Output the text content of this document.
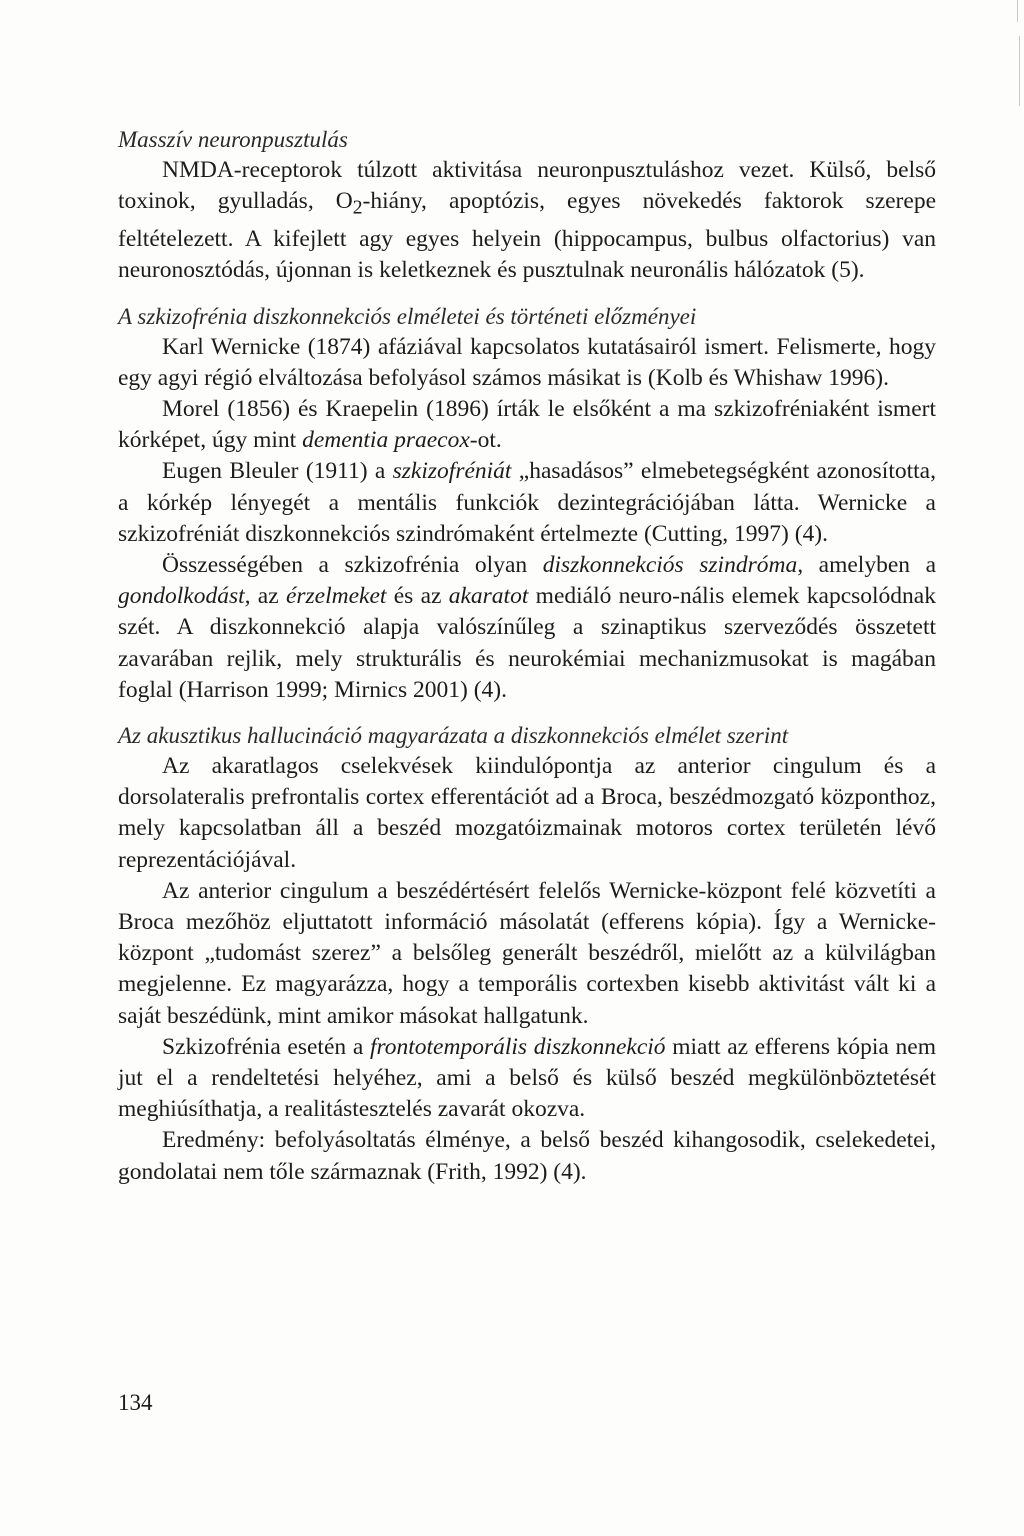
Masszív neuronpusztulás

NMDA-receptorok túlzott aktivitása neuronpusztuláshoz vezet. Külső, belső toxinok, gyulladás, $O_2$-hiány, apoptózis, egyes növekedés faktorok szerepe feltételezett. A kifejlett agy egyes helyein (hippocampus, bulbus olfactorius) van neuronosztódás, újonnan is keletkeznek és pusztulnak neuronális hálózatok (5).

A szkizofrénia diszkonnekciós elméletei és történeti előzményei

Karl Wernicke (1874) afáziával kapcsolatos kutatásairól ismert. Felismerte, hogy egy agyi régió elváltozása befolyásol számos másikat is (Kolb és Whishaw 1996).

Morel (1856) és Kraepelin (1896) írták le elsőként a ma szkizofréniaként ismert kórképet, úgy mint dementia praecox-ot.

Eugen Bleuler (1911) a szkizofréniát „hasadásos” elmebetegségként azonosította, a kórkép lényegét a mentális funkciók dezintegrációjában látta. Wernicke a szkizofréniát diszkonnekciós szindrómaként értelmezte (Cutting, 1997) (4).

Összességében a szkizofrénia olyan diszkonnekciós szindróma, amelyben a gondolkodást, az érzelmeket és az akaratot mediáló neuro-nális elemek kapcsolódnak szét. A diszkonnekció alapja valószínűleg a szinaptikus szerveződés összetett zavarában rejlik, mely strukturális és neurokémiai mechanizmusokat is magában foglal (Harrison 1999; Mirnics 2001) (4).

Az akusztikus hallucináció magyarázata a diszkonnekciós elmélet szerint

Az akaratlagos cselekvések kiindulópontja az anterior cingulum és a dorsolateralis prefrontalis cortex efferentációt ad a Broca, beszédmozgató központhoz, mely kapcsolatban áll a beszéd mozgatóizmainak motoros cortex területén lévő reprezentációjával.

Az anterior cingulum a beszédértésért felelős Wernicke-központ felé közvetíti a Broca mezőhöz eljuttatott információ másolatát (efferens kópia). Így a Wernicke-központ „tudomást szerez” a belsőleg generált beszédről, mielőtt az a külvilágban megjelenne. Ez magyarázza, hogy a temporális cortexben kisebb aktivitást vált ki a saját beszédünk, mint amikor másokat hallgatunk.

Szkizofrénia esetén a frontotemporális diszkonnekció miatt az efferens kópia nem jut el a rendeltetési helyéhez, ami a belső és külső beszéd megkülönböztetését meghiúsíthatja, a realitástesztelés zavarát okozva.

Eredmény: befolyásoltatás élménye, a belső beszéd kihangosodik, cselekedetei, gondolatai nem tőle származnak (Frith, 1992) (4).

134
